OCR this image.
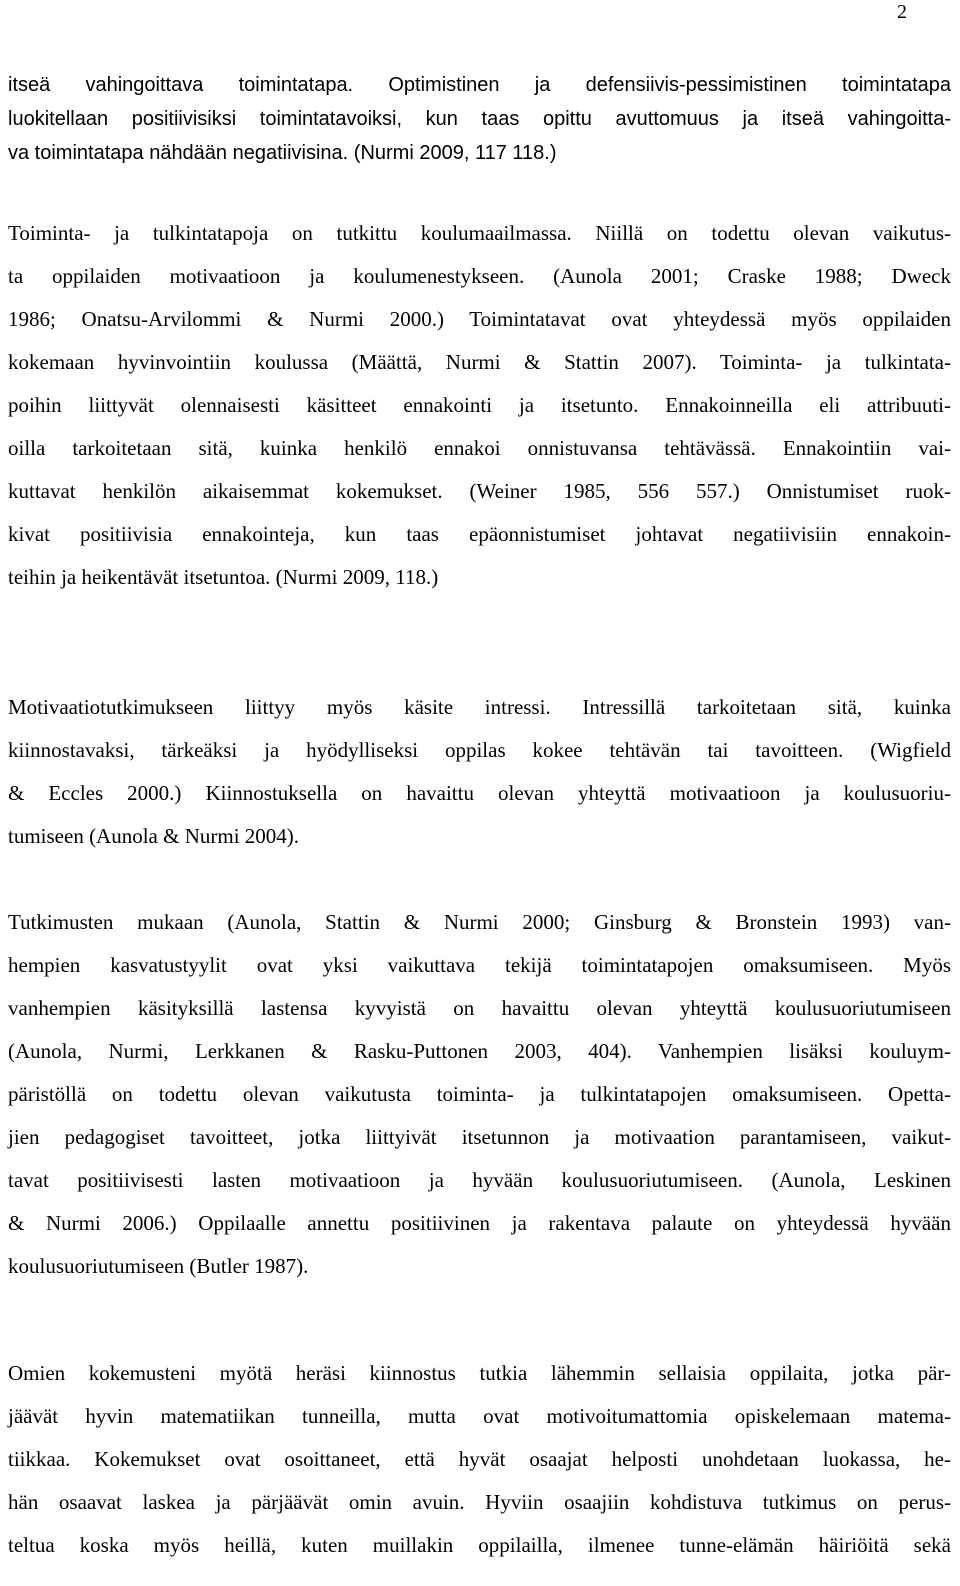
2
itseä vahingoittava toimintatapa. Optimistinen ja defensiivis-pessimistinen toimintatapa
luokitellaan positiivisiksi toimintatavoiksi, kun taas opittu avuttomuus ja itseä vahingoitta-
va toimintatapa nähdään negatiivisina. (Nurmi 2009, 117 118.)
Toiminta- ja tulkintatapoja on tutkittu koulumaailmassa. Niillä on todettu olevan vaikutus-
ta oppilaiden motivaatioon ja koulumenestykseen. (Aunola 2001; Craske 1988; Dweck
1986; Onatsu-Arvilommi & Nurmi 2000.) Toimintatavat ovat yhteydessä myös oppilaiden
kokemaan hyvinvointiin koulussa (Määttä, Nurmi & Stattin 2007). Toiminta- ja tulkintata-
poihin liittyvät olennaisesti käsitteet ennakointi ja itsetunto. Ennakoinneilla eli attribuuti-
oilla tarkoitetaan sitä, kuinka henkilö ennakoi onnistuvansa tehtävässä. Ennakointiin vai-
kuttavat henkilön aikaisemmat kokemukset. (Weiner 1985, 556 557.) Onnistumiset ruok-
kivat positiivisia ennakointeja, kun taas epäonnistumiset johtavat negatiivisiin ennakoin-
teihin ja heikentävät itsetuntoa. (Nurmi 2009, 118.)
Motivaatiotutkimukseen liittyy myös käsite intressi. Intressillä tarkoitetaan sitä, kuinka
kiinnostavaksi, tärkeäksi ja hyödylliseksi oppilas kokee tehtävän tai tavoitteen. (Wigfield
& Eccles 2000.) Kiinnostuksella on havaittu olevan yhteyttä motivaatioon ja koulusuoriu-
tumiseen (Aunola & Nurmi 2004).
Tutkimusten mukaan (Aunola, Stattin & Nurmi 2000; Ginsburg & Bronstein 1993) van-
hempien kasvatustyylit ovat yksi vaikuttava tekijä toimintatapojen omaksumiseen. Myös
vanhempien käsityksillä lastensa kyvyistä on havaittu olevan yhteyttä koulusuoriutumiseen
(Aunola, Nurmi, Lerkkanen & Rasku-Puttonen 2003, 404). Vanhempien lisäksi kouluym-
päristöllä on todettu olevan vaikutusta toiminta- ja tulkintatapojen omaksumiseen. Opetta-
jien pedagogiset tavoitteet, jotka liittyivät itsetunnon ja motivaation parantamiseen, vaikut-
tavat positiivisesti lasten motivaatioon ja hyvään koulusuoriutumiseen. (Aunola, Leskinen
& Nurmi 2006.) Oppilaalle annettu positiivinen ja rakentava palaute on yhteydessä hyvään
koulusuoriutumiseen (Butler 1987).
Omien kokemusteni myötä heräsi kiinnostus tutkia lähemmin sellaisia oppilaita, jotka pär-
jäävät hyvin matematiikan tunneilla, mutta ovat motivoitumattomia opiskelemaan matema-
tiikkaa. Kokemukset ovat osoittaneet, että hyvät osaajat helposti unohdetaan luokassa, he-
hän osaavat laskea ja pärjäävät omin avuin. Hyviin osaajiin kohdistuva tutkimus on perus-
teltua koska myös heillä, kuten muillakin oppilailla, ilmenee tunne-elämän häiriöitä sekä
